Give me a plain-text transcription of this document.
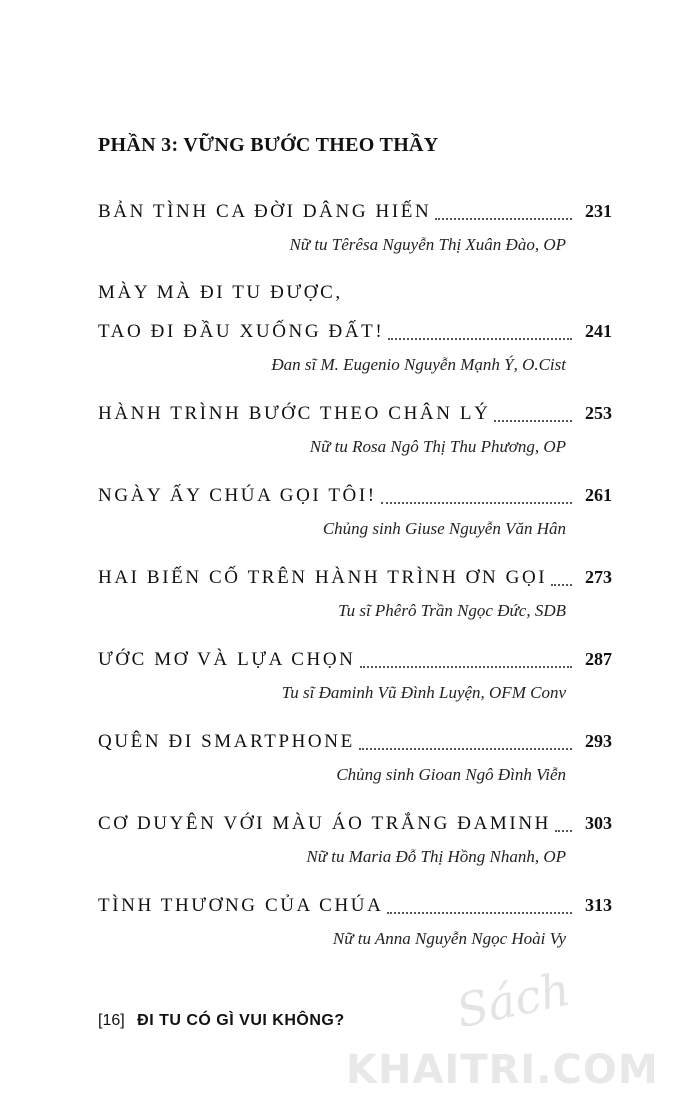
PHẦN 3: VỮNG BƯỚC THEO THẦY
BẢN TÌNH CA ĐỜI DÂNG HIẾN	231
Nữ tu Têrêsa Nguyễn Thị Xuân Đào, OP
MÀY MÀ ĐI TU ĐƯỢC,
TAO ĐI ĐẦU XUỐNG ĐẤT!	241
Đan sĩ M. Eugenio Nguyễn Mạnh Ý, O.Cist
HÀNH TRÌNH BƯỚC THEO CHÂN LÝ	253
Nữ tu Rosa Ngô Thị Thu Phương, OP
NGÀY ẤY CHÚA GỌI TÔI!	261
Chủng sinh Giuse Nguyễn Văn Hân
HAI BIẾN CỐ TRÊN HÀNH TRÌNH ƠN GỌI	273
Tu sĩ Phêrô Trần Ngọc Đức, SDB
ƯỚC MƠ VÀ LỰA CHỌN	287
Tu sĩ Đaminh Vũ Đình Luyện, OFM Conv
QUÊN ĐI SMARTPHONE	293
Chủng sinh Gioan Ngô Đình Viễn
CƠ DUYÊN VỚI MÀU ÁO TRẮNG ĐAMINH	303
Nữ tu Maria Đỗ Thị Hồng Nhanh, OP
TÌNH THƯƠNG CỦA CHÚA	313
Nữ tu Anna Nguyễn Ngọc Hoài Vy
[16] ĐI TU CÓ GÌ VUI KHÔNG? Sách
KHAITRI.COM
